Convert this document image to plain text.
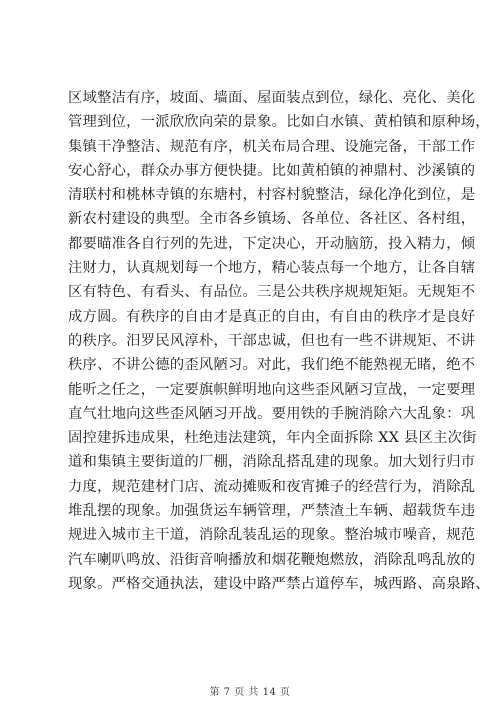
区域整洁有序，坡面、墙面、屋面装点到位，绿化、亮化、美化
管理到位，一派欣欣向荣的景象。比如白水镇、黄柏镇和原种场，
集镇干净整洁、规范有序，机关布局合理、设施完备，干部工作
安心舒心，群众办事方便快捷。比如黄柏镇的神鼎村、沙溪镇的
清联村和桃林寺镇的东塘村，村容村貌整洁，绿化净化到位，是
新农村建设的典型。全市各乡镇场、各单位、各社区、各村组，
都要瞄准各自行列的先进，下定决心，开动脑筋，投入精力，倾
注财力，认真规划每一个地方，精心装点每一个地方，让各自辖
区有特色、有看头、有品位。三是公共秩序规规矩矩。无规矩不
成方圆。有秩序的自由才是真正的自由，有自由的秩序才是良好
的秩序。汨罗民风淳朴，干部忠诚，但也有一些不讲规矩、不讲
秩序、不讲公德的歪风陋习。对此，我们绝不能熟视无睹，绝不
能听之任之，一定要旗帜鲜明地向这些歪风陋习宣战，一定要理
直气壮地向这些歪风陋习开战。要用铁的手腕消除六大乱象：巩
固控建拆违成果，杜绝违法建筑，年内全面拆除 XX 县区主次街
道和集镇主要街道的厂棚，消除乱搭乱建的现象。加大划行归市
力度，规范建材门店、流动摊贩和夜宵摊子的经营行为，消除乱
堆乱摆的现象。加强货运车辆管理，严禁渣土车辆、超载货车违
规进入城市主干道，消除乱装乱运的现象。整治城市噪音，规范
汽车喇叭鸣放、沿街音响播放和烟花鞭炮燃放，消除乱鸣乱放的
现象。严格交通执法，建设中路严禁占道停车，城西路、高泉路、
第 7 页 共 14 页
